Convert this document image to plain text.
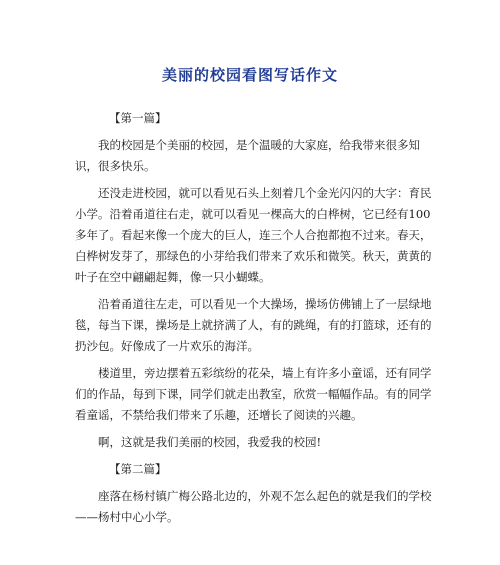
美丽的校园看图写话作文
【第一篇】

我的校园是个美丽的校园，是个温暖的大家庭，给我带来很多知识，很多快乐。

还没走进校园，就可以看见石头上刻着几个金光闪闪的大字：育民小学。沿着甬道往右走，就可以看见一棵高大的白桦树，它已经有100多年了。看起来像一个庞大的巨人，连三个人合抱都抱不过来。春天，白桦树发芽了，那绿色的小芽给我们带来了欢乐和微笑。秋天，黄黄的叶子在空中翩翩起舞，像一只小蝴蝶。

沿着甬道往左走，可以看见一个大操场，操场仿佛铺上了一层绿地毯，每当下课，操场是上就挤满了人，有的跳绳，有的打篮球，还有的扔沙包。好像成了一片欢乐的海洋。

楼道里，旁边摆着五彩缤纷的花朵，墙上有许多小童谣，还有同学们的作品，每到下课，同学们就走出教室，欣赏一幅幅作品。有的同学看童谣，不禁给我们带来了乐趣，还增长了阅读的兴趣。

啊，这就是我们美丽的校园，我爱我的校园!

【第二篇】

座落在杨村镇广梅公路北边的，外观不怎么起色的就是我们的学校——杨村中心小学。
